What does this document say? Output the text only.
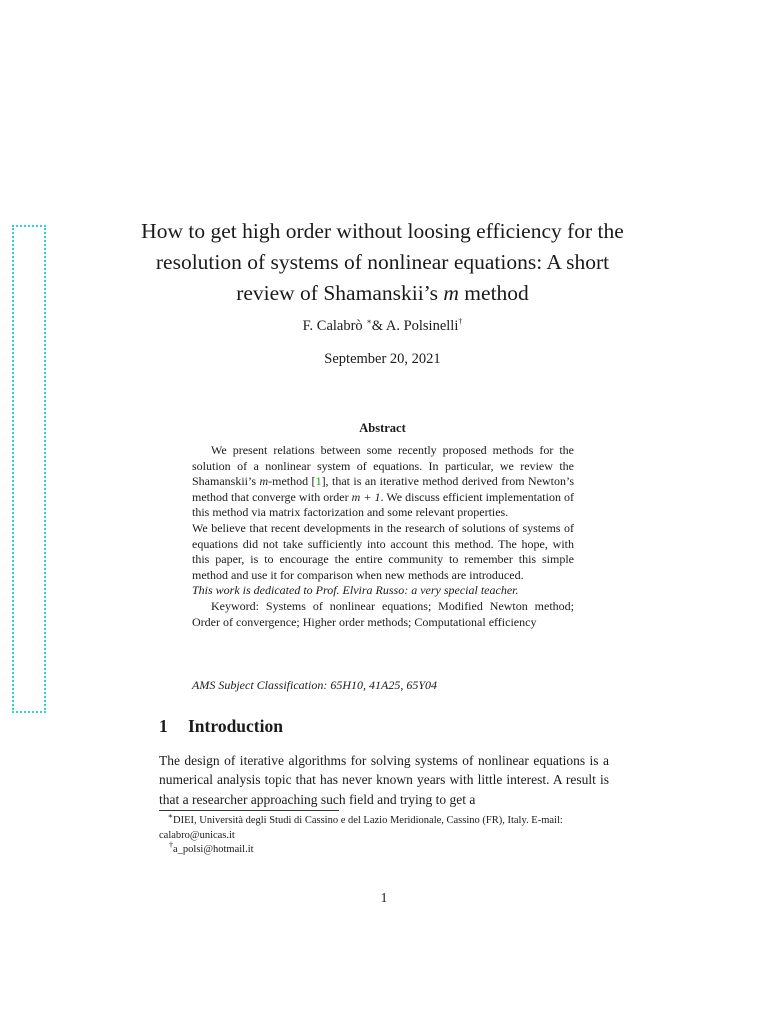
How to get high order without loosing efficiency for the resolution of systems of nonlinear equations: A short review of Shamanskii’s m method
F. Calabrò ∗& A. Polsinelli†
September 20, 2021
Abstract

We present relations between some recently proposed methods for the solution of a nonlinear system of equations. In particular, we review the Shamanskii’s m-method [1], that is an iterative method derived from Newton’s method that converge with order m + 1. We discuss efficient implementation of this method via matrix factorization and some relevant properties.

We believe that recent developments in the research of solutions of systems of equations did not take sufficiently into account this method. The hope, with this paper, is to encourage the entire community to remember this simple method and use it for comparison when new methods are introduced.

This work is dedicated to Prof. Elvira Russo: a very special teacher.

Keyword: Systems of nonlinear equations; Modified Newton method; Order of convergence; Higher order methods; Computational efficiency

AMS Subject Classification: 65H10, 41A25, 65Y04
1 Introduction

The design of iterative algorithms for solving systems of nonlinear equations is a numerical analysis topic that has never known years with little interest. A result is that a researcher approaching such field and trying to get a

∗DIEI, Università degli Studi di Cassino e del Lazio Meridionale, Cassino (FR), Italy. E-mail: calabro@unicas.it

†a_polsi@hotmail.it

1
